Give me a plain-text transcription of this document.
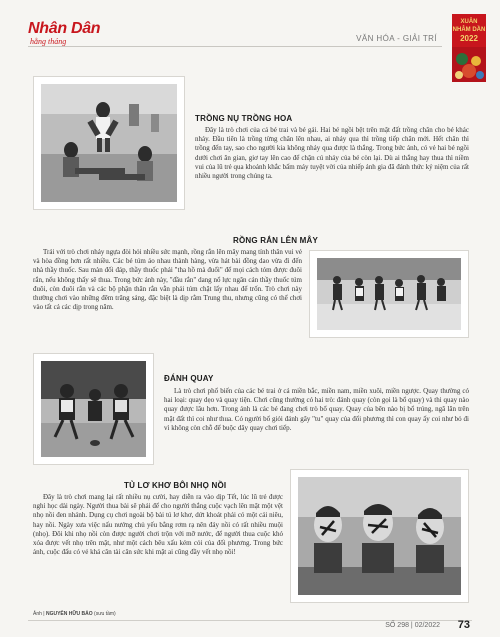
Nhân Dân
hằng tháng	VĂN HÓA - GIẢI TRÍ
XUÂN
NHÂM DẦN
2022
TRỒNG NỤ TRỒNG HOA
Đây là trò chơi của cả bé trai và bé gái. Hai bé ngồi bệt trên mặt đất trồng chân cho bé khác nhảy. Đầu tiên là trồng từng chân lên nhau, ai nhảy qua thì trồng tiếp chân mới. Hết chân thì trồng đến tay, sao cho người kia không nhảy qua được là thắng. Trong bức ảnh, có vẻ hai bé ngồi dưới chơi ăn gian, giơ tay lên cao để chặn cú nhảy của bé còn lại. Dù ai thắng hay thua thì niềm vui của lũ trẻ qua khoảnh khắc bấm máy tuyệt vời của nhiếp ảnh gia đã đánh thức ký niệm của rất nhiều người trong chúng ta.
RỒNG RẮN LÊN MÂY
Trái với trò chơi nhảy ngựa đòi hỏi nhiều sức mạnh, rồng rắn lên mây mang tính thân vui vẻ và hòa đồng hơn rất nhiều. Các bé túm áo nhau thành hàng, vừa hát bài đồng dao vừa đi đến nhà thầy thuốc. Sau màn đối đáp, thầy thuốc phải "tha hồ mà đuổi" để mọi cách tóm được đuôi rắn, nếu không thấy sẽ thua. Trong bức ảnh này, "đầu rắn" dang nổ lực ngăn cản thầy thuốc túm đuôi, còn đuôi rắn và các bộ phận thân rắn vẫn phải túm chặt lấy nhau để trốn. Trò chơi này thường chơi vào những đêm trăng sáng, đặc biệt là dịp rằm Trung thu, nhưng cũng có thể chơi vào tất cả các dịp trong năm.
ĐÁNH QUAY
Là trò chơi phổ biến của các bé trai ở cả miền bắc, miền nam, miền xuôi, miền ngược. Quay thường có hai loại: quay dẹo và quay tiện. Chơi cũng thường có hai trò: đánh quay (còn gọi là bổ quay) và thi quay nào quay được lâu hơn. Trong ảnh là các bé đang chơi trò bổ quay. Quay của bên nào bị bổ trúng, ngã lăn trên mặt đất thì coi như thua. Có người bổ giỏi đánh gãy "tu" quay của đối phương thì con quay ấy coi như bỏ đi vì không còn chỗ để buộc dây quay chơi tiếp.
TỦ LƠ KHƠ BÔI NHỌ NỒI
Đây là trò chơi mang lại rất nhiều nụ cười, hay diễn ra vào dịp Tết, lúc lũ trẻ được nghỉ học dài ngày. Người thua bài sẽ phải để cho người thắng cuộc vạch lên mặt một vệt nhọ nồi đen nhánh. Dụng cụ chơi ngoài bộ bài tú lơ khơ, dứt khoát phải có một cái niêu, hay nồi. Ngày xưa việc nấu nướng chủ yếu bằng rơm rạ nên đáy nồi có rất nhiều muội (nhọ). Đôi khi nhọ nồi còn được người chơi trộn với mỡ nước, để người thua cuộc khó xóa được vết nhọ trên mặt, như một cách bêu xấu kém cỏi của đối phương. Trong bức ảnh, cuộc đấu có vẻ khá căn tài cân sức khi mặt ai cũng đầy vết nhọ nồi!
Ảnh | NGUYỄN HỮU BẢO (sưu tầm)
SỐ 298 | 02/2022 73
